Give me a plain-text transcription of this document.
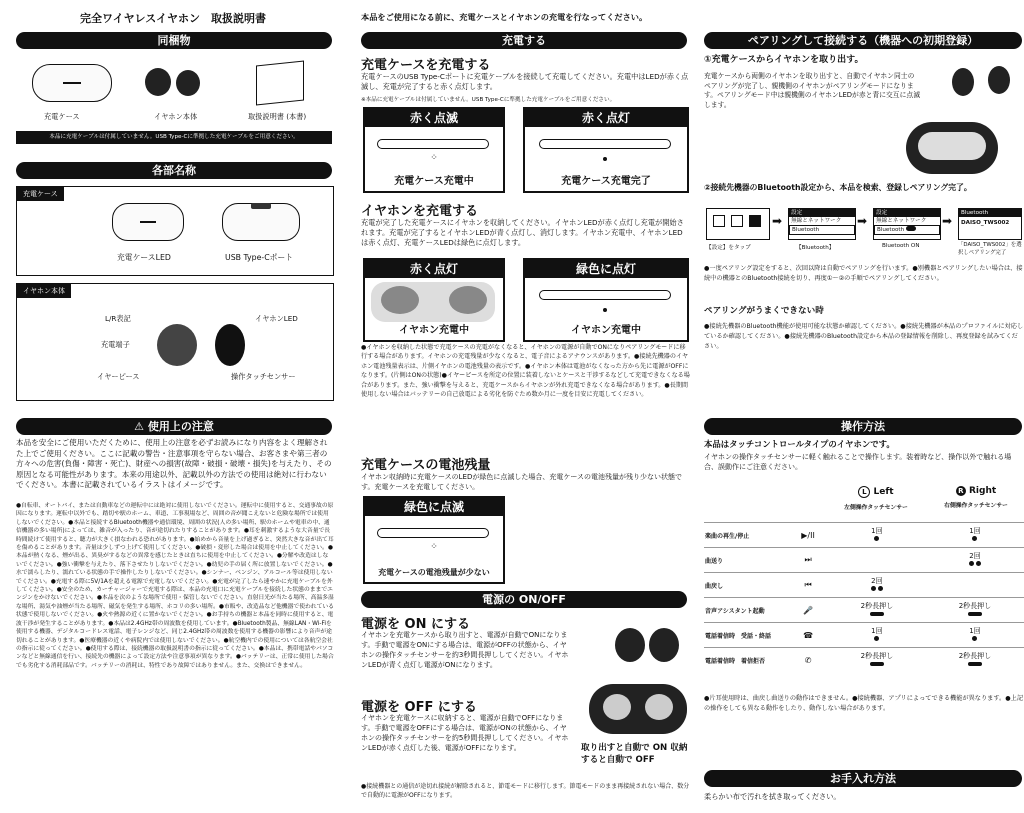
完全ワイヤレスイヤホン　取扱説明書
同梱物
充電ケース	イヤホン本体	取扱説明書 (本書)
本品に充電ケーブルは付属していません。USB Type-Cに準拠した充電ケーブルをご用意ください。
各部名称
充電ケース
充電ケースLED	USB Type-Cポート
イヤホン本体
L/R表記
充電端子
イヤーピース
イヤホンLED
操作タッチセンサー
⚠ 使用上の注意
本品を安全にご使用いただくために、使用上の注意を必ずお読みになり内容をよく理解された上でご使用ください。ここに記載の警告・注意事項を守らない場合、お客さまや第三者の方々への危害(負傷・障害・死亡)、財産への損害(故障・破損・破壊・損失)を与えたり、その原因となる可能性があります。本来の用途以外、記載以外の方法での使用は絶対に行わないでください。本書に記載されているイラストはイメージです。
●自転車、オートバイ、または自動車などの運転中には絶対に使用しないでください。運転中に使用すると、交通事故の原因になります。運転中以外でも、踏切や駅のホーム、車道、工事現場など、周囲の音が聞こえないと危険な場所では使用しないでください。●本品と接続するBluetooth機器や通信環境、周囲の状況(人の多い場所、駅のホームや電車の中、通信機器の多い場所)によっては、雑音が入ったり、音が途切れたりすることがあります。●耳を刺激するような大音量で長時間続けて使用すると、聴力が大きく損なわれる恐れがあります。●始めから音量を上げ過ぎると、突然大きな音が出て耳を傷めることがあります。音量は少しずつ上げて使用してください。●破損・変形した場合は使用を中止してください。●本品が熱くなる、煙が出る、異臭がするなどの異常を感じたときは直ちに使用を中止してください。●分解や改造はしないでください。●強い衝撃を与えたり、落下させたりしないでください。●幼児の手の届く所に放置しないでください。●水で濡らしたり、濡れている状態の手で操作したりしないでください。●シンナー、ベンジン、アルコール等は使用しないでください。●充電する際に5V/1Aを超える電源で充電しないでください。●充電が完了したら速やかに充電ケーブルを外してください。●安全のため、カーチャージャーで充電する際は、本品の充電口に充電ケーブルを接続した状態のままでエンジンをかけないでください。●本品を次のような場所で使用・保管しないでください。直射日光が当たる場所、高温多湿な場所、湯気や油煙が当たる場所、磁気を発生する場所、ホコリの多い場所。●市販や、改造品など他機器で使われている状態で使用しないでください。●火や熱源の近くに置かないでください。●お手持ちの機器と本品を同時に使用すると、電波干渉が発生することがあります。●本品は2.4GHz帯の周波数を使用しています。●Bluetooth製品、無線LAN・Wi-Fiを使用する機器、デジタルコードレス電話、電子レンジなど、同じ2.4GHz帯の周波数を使用する機器の影響により音声が途切れることがあります。●医療機器の近くや病院内では使用しないでください。●航空機内での使用については各航空会社の指示に従ってください。●使用する際は、接続機器の取扱説明書の指示に従ってください。●本品は、携帯電話やパソコンなどと無線通信を行い、接続先の機器によって設定方法や注意事項が異なります。●バッテリーは、正常に使用した場合でも劣化する消耗部品です。バッテリーの消耗は、特性であり故障ではありません。また、交換はできません。
本品をご使用になる前に、充電ケースとイヤホンの充電を行なってください。
充電する
充電ケースを充電する
充電ケースのUSB Type-Cポートに充電ケーブルを接続して充電してください。充電中はLEDが赤く点滅し、充電が完了すると赤く点灯します。
※本品に充電ケーブルは付属していません。USB Type-Cに準拠した充電ケーブルをご用意ください。
赤く点滅
⁘
充電ケース充電中
赤く点灯
充電ケース充電完了
イヤホンを充電する
充電が完了した充電ケースにイヤホンを収納してください。イヤホンLEDが赤く点灯し充電が開始されます。充電が完了するとイヤホンLEDが青く点灯し、消灯します。イヤホン充電中、イヤホンLEDは赤く点灯、充電ケースLEDは緑色に点灯します。
赤く点灯
イヤホン充電中
緑色に点灯
イヤホン充電中
●イヤホンを収納した状態で充電ケースの充電がなくなると、イヤホンの電源が自動でONになりペアリングモードに移行する場合があります。イヤホンの充電残量が少なくなると、電子音によるアナウンスがあります。●接続先機器のイヤホン電池残量表示は、片側イヤホンの電池残量の表示です。●イヤホン本体は電池がなくなった方から先に電源がOFFになります。(片側はONの状態)●イヤーピースを所定の位置に装着しないとケースと干渉するなどして充電できなくなる場合があります。また、強い衝撃を与えると、充電ケースからイヤホンが外れ充電できなくなる場合があります。●長期間使用しない場合はバッテリーの自己放電による劣化を防ぐため数か月に一度を目安に充電してください。
充電ケースの電池残量
イヤホン収納時に充電ケースのLEDが緑色に点滅した場合、充電ケースの電池残量が残り少ない状態です。充電ケースを充電してください。
緑色に点滅
⁘
充電ケースの電池残量が少ない
電源の ON/OFF
電源を ON にする
イヤホンを充電ケースから取り出すと、電源が自動でONになります。手動で電源をONにする場合は、電源がOFFの状態から、イヤホンの操作タッチセンサーを約3秒間長押ししてください。イヤホンLEDが青く点灯し電源がONになります。
電源を OFF にする
イヤホンを充電ケースに収納すると、電源が自動でOFFになります。手動で電源をOFFにする場合は、電源がONの状態から、イヤホンの操作タッチセンサーを約5秒間長押ししてください。イヤホンLEDが赤く点灯した後、電源がOFFになります。	取り出すと自動で ON 収納すると自動で OFF
●接続機器との通信が途切れ接続が解除されると、節電モードに移行します。節電モードのまま再接続されない場合、数分で自動的に電源がOFFになります。
ペアリングして接続する（機器への初期登録）
①充電ケースからイヤホンを取り出す。
充電ケースから両側のイヤホンを取り出すと、自動でイヤホン同士のペアリングが完了し、親機側のイヤホンがペアリングモードになります。ペアリングモード中は親機側のイヤホンLEDが赤と青に交互に点滅します。
②接続先機器のBluetooth設定から、本品を検索、登録しペアリング完了。
➡
設定
無線とネットワーク
Bluetooth
➡
設定
無線とネットワーク
Bluetooth
➡
Bluetooth
DAISO_TWS002
【設定】をタップ	【Bluetooth】	Bluetooth ON	「DAISO_TWS002」を選択しペアリング完了
●一度ペアリング設定をすると、次回以降は自動でペアリングを行います。●別機器とペアリングしたい場合は、接続中の機器とのBluetooth接続を切り、再度①～②の手順でペアリングしてください。
ペアリングがうまくできない時
●接続先機器のBluetooth機能が使用可能な状態か確認してください。●接続先機器が本品のプロファイルに対応しているか確認してください。●接続先機器のBluetooth設定から本品の登録情報を削除し、再度登録を試みてください。
操作方法
本品はタッチコントロールタイプのイヤホンです。
イヤホンの操作タッチセンサーに軽く触れることで操作します。装着時など、操作以外で触れる場合、誤動作にご注意ください。
L Left
左側操作タッチセンサー
R Right
右側操作タッチセンサー
楽曲の再生/停止	▶/II	1回	1回

曲送り	⏭		2回

曲戻し	⏮	2回

音声アシスタント起動	🎤	2秒長押し	2秒長押し

電話着信時　受話・終話	☎	1回	1回

電話着信時　着信拒否	✆	2秒長押し	2秒長押し

●片耳使用時は、曲戻し曲送りの動作はできません。●接続機器、アプリによってできる機能が異なります。●上記の操作をしても異なる動作をしたり、動作しない場合があります。
お手入れ方法
柔らかい布で汚れを拭き取ってください。
